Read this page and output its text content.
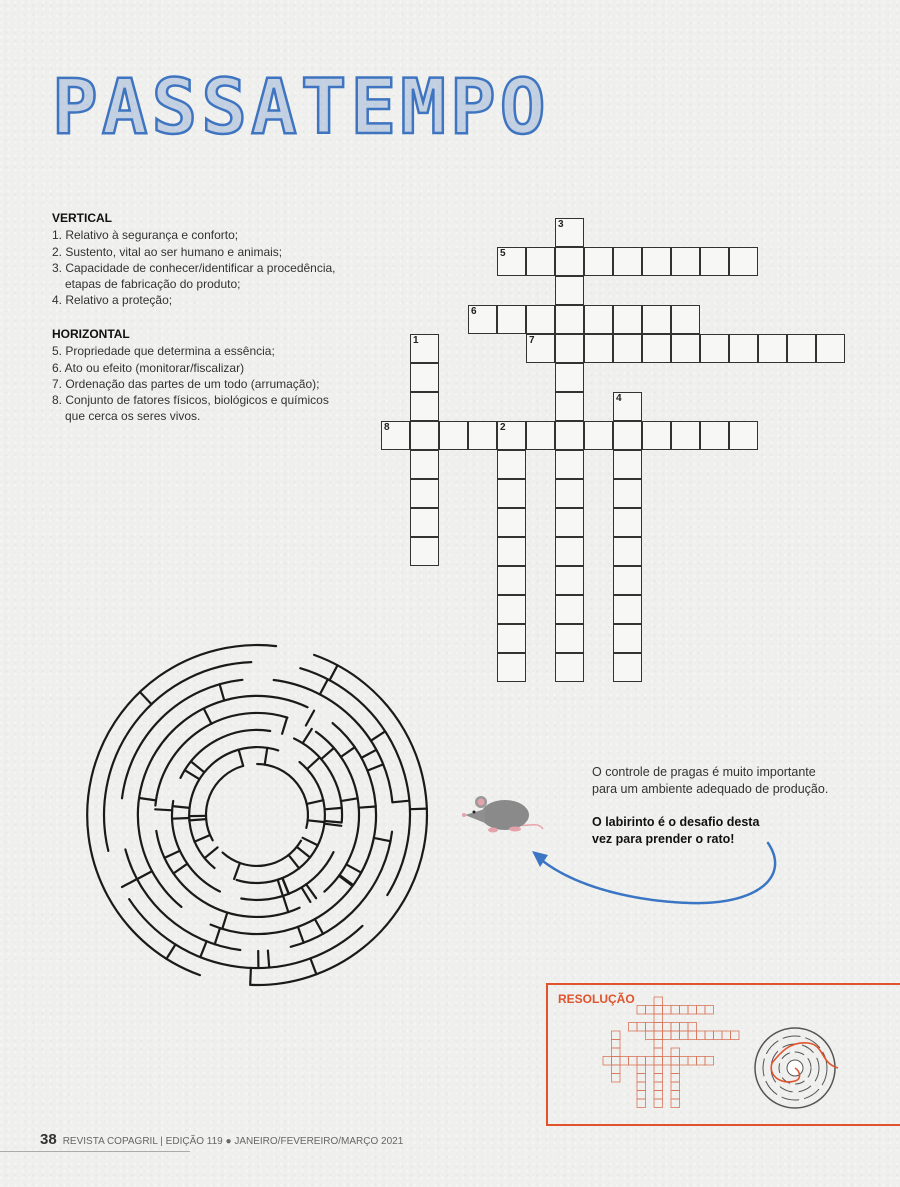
PASSATEMPO
VERTICAL
1. Relativo à segurança e conforto;
2. Sustento, vital ao ser humano e animais;
3. Capacidade de conhecer/identificar a procedência, etapas de fabricação do produto;
4. Relativo a proteção;
HORIZONTAL
5. Propriedade que determina a essência;
6. Ato ou efeito (monitorar/fiscalizar)
7. Ordenação das partes de um todo (arrumação);
8. Conjunto de fatores físicos, biológicos e químicos que cerca os seres vivos.
1
2
3
4
5
6
7
8
O controle de pragas é muito importante
para um ambiente adequado de produção.
O labirinto é o desafio desta
vez para prender o rato!
RESOLUÇÃO
38 REVISTA COPAGRIL | EDIÇÃO 119 ● JANEIRO/FEVEREIRO/MARÇO 2021
